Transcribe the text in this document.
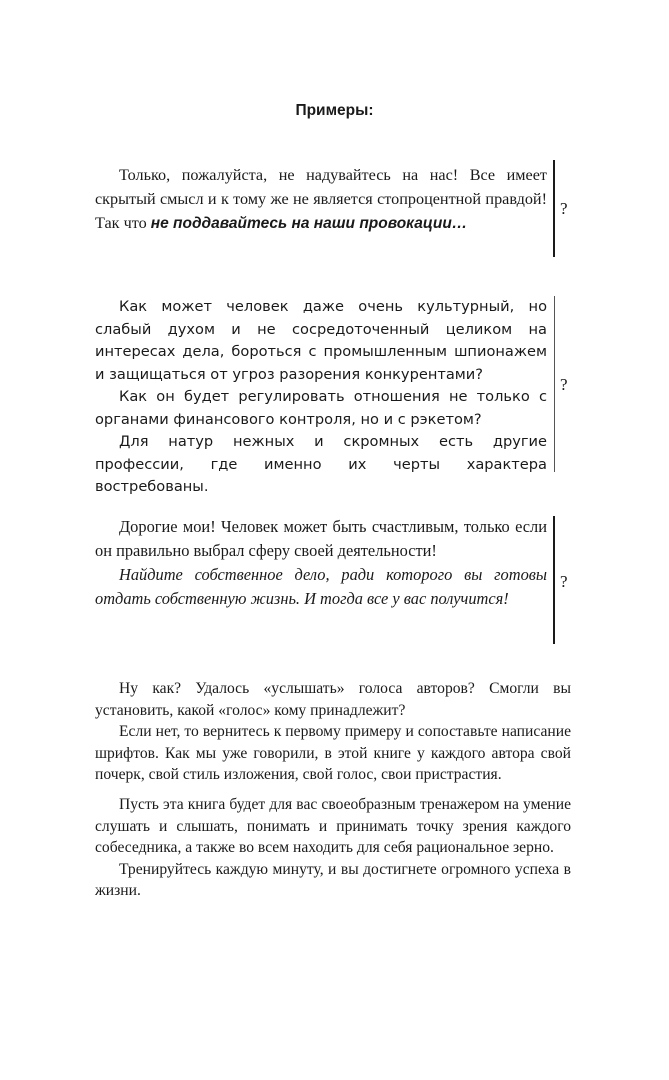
Примеры:

Только, пожалуйста, не надувайтесь на нас! Все имеет скрытый смысл и к тому же не является стопроцентной правдой! Так что не поддавайтесь на наши провокации…

?

Как может человек даже очень культурный, но слабый духом и не сосредоточенный целиком на интересах дела, бороться с промышленным шпионажем и защищаться от угроз разорения конкурентами?

Как он будет регулировать отношения не только с органами финансового контроля, но и с рэкетом?

Для натур нежных и скромных есть другие профессии, где именно их черты характера востребованы.

?

Дорогие мои! Человек может быть счастливым, только если он правильно выбрал сферу своей деятельности!

Найдите собственное дело, ради которого вы готовы отдать собственную жизнь. И тогда все у вас получится!

?

Ну как? Удалось «услышать» голоса авторов? Смогли вы установить, какой «голос» кому принадлежит?

Если нет, то вернитесь к первому примеру и сопоставьте написание шрифтов. Как мы уже говорили, в этой книге у каждого автора свой почерк, свой стиль изложения, свой голос, свои пристрастия.

Пусть эта книга будет для вас своеобразным тренажером на умение слушать и слышать, понимать и принимать точку зрения каждого собеседника, а также во всем находить для себя рациональное зерно.

Тренируйтесь каждую минуту, и вы достигнете огромного успеха в жизни.
